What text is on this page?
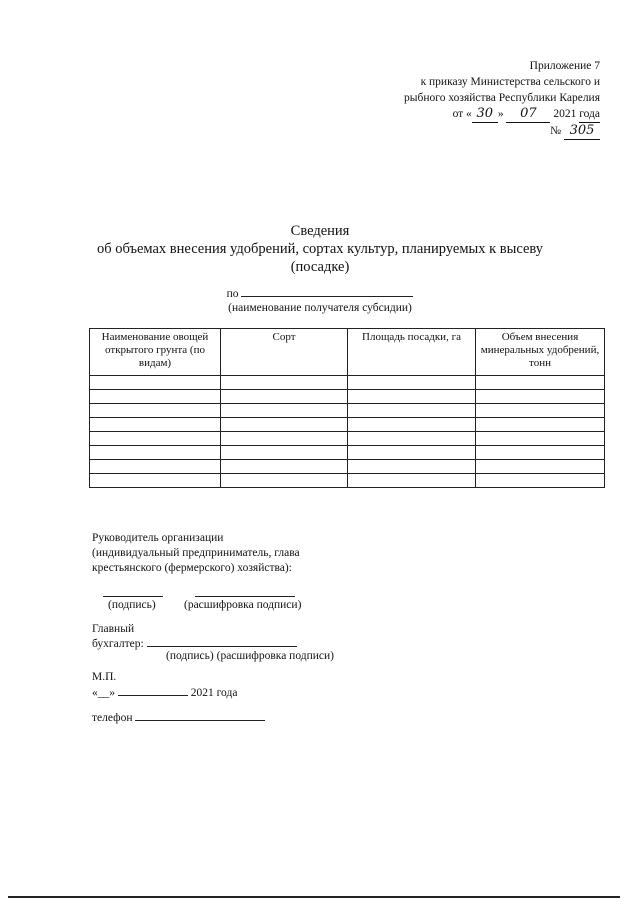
Приложение 7
к приказу Министерства сельского и
рыбного хозяйства Республики Карелия
от « 30 » 07 2021 года
№ 305
Сведения
об объемах внесения удобрений, сортах культур, планируемых к высеву
(посадке)
по
(наименование получателя субсидии)
Наименование овощей открытого грунта (по видам)	Сорт	Площадь посадки, га	Объем внесения минеральных удобрений, тонн

Руководитель организации
(индивидуальный предприниматель, глава
крестьянского (фермерского) хозяйства):
(подпись) (расшифровка подписи)
Главный
бухгалтер:
(подпись) (расшифровка подписи)
М.П.
«__»	2021 года
телефон
